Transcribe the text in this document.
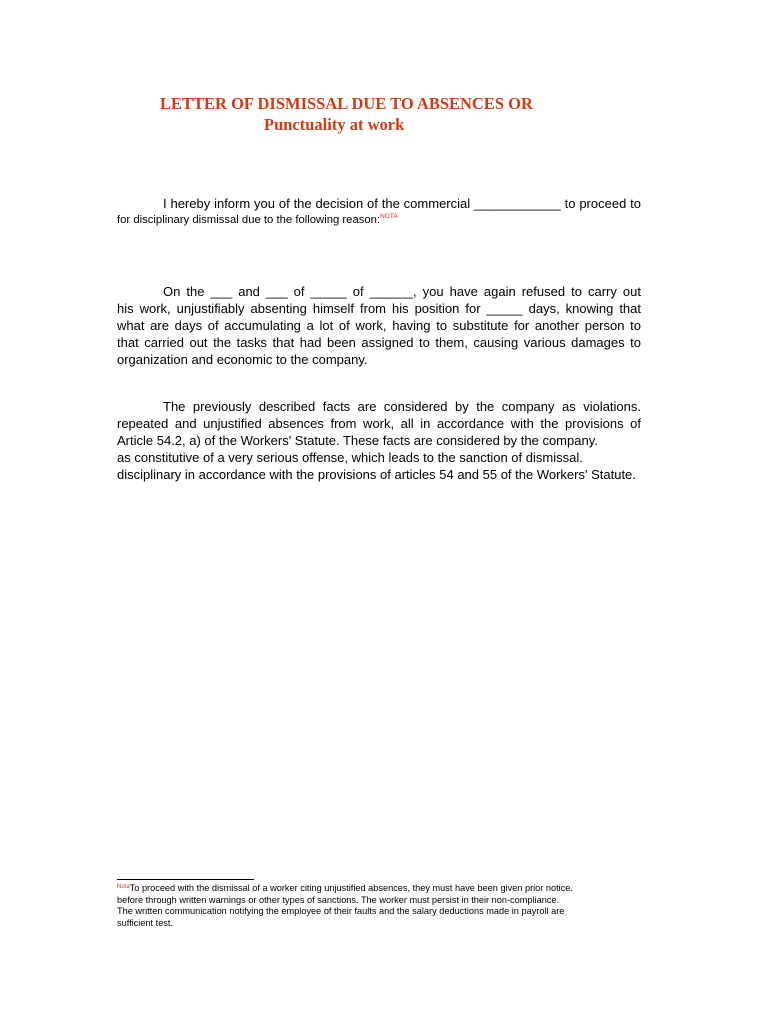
LETTER OF DISMISSAL DUE TO ABSENCES OR
Punctuality at work
I hereby inform you of the decision of the commercial ____________ to proceed to
for disciplinary dismissal due to the following reason:$^{NOTA}$
On the ___ and ___ of _____ of ______, you have again refused to carry out
his work, unjustifiably absenting himself from his position for _____ days, knowing that
what are days of accumulating a lot of work, having to substitute for another person to
that carried out the tasks that had been assigned to them, causing various damages to
organization and economic to the company.
The previously described facts are considered by the company as violations.
repeated and unjustified absences from work, all in accordance with the provisions of
Article 54.2, a) of the Workers' Statute. These facts are considered by the company.
as constitutive of a very serious offense, which leads to the sanction of dismissal.
disciplinary in accordance with the provisions of articles 54 and 55 of the Workers' Statute.
$^{Nota}$To proceed with the dismissal of a worker citing unjustified absences, they must have been given prior notice.
before through written warnings or other types of sanctions. The worker must persist in their non-compliance.
The written communication notifying the employee of their faults and the salary deductions made in payroll are
sufficient test.
